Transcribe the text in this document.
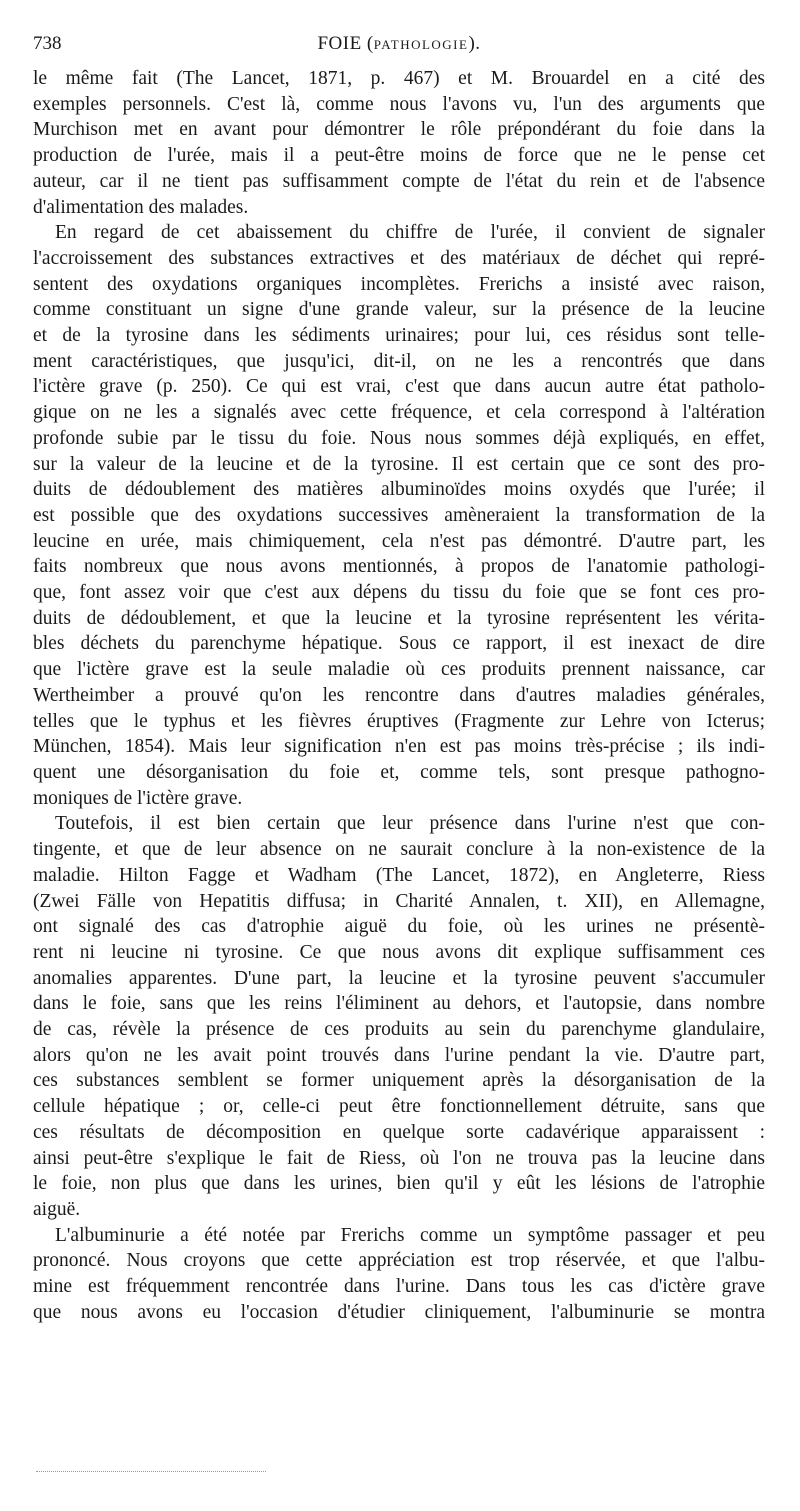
738	FOIE (PATHOLOGIE).
le même fait (The Lancet, 1871, p. 467) et M. Brouardel en a cité des
exemples personnels. C'est là, comme nous l'avons vu, l'un des arguments que
Murchison met en avant pour démontrer le rôle prépondérant du foie dans la
production de l'urée, mais il a peut-être moins de force que ne le pense cet
auteur, car il ne tient pas suffisamment compte de l'état du rein et de l'absence
d'alimentation des malades.
En regard de cet abaissement du chiffre de l'urée, il convient de signaler
l'accroissement des substances extractives et des matériaux de déchet qui repré-
sentent des oxydations organiques incomplètes. Frerichs a insisté avec raison,
comme constituant un signe d'une grande valeur, sur la présence de la leucine
et de la tyrosine dans les sédiments urinaires; pour lui, ces résidus sont telle-
ment caractéristiques, que jusqu'ici, dit-il, on ne les a rencontrés que dans
l'ictère grave (p. 250). Ce qui est vrai, c'est que dans aucun autre état patholo-
gique on ne les a signalés avec cette fréquence, et cela correspond à l'altération
profonde subie par le tissu du foie. Nous nous sommes déjà expliqués, en effet,
sur la valeur de la leucine et de la tyrosine. Il est certain que ce sont des pro-
duits de dédoublement des matières albuminoïdes moins oxydés que l'urée; il
est possible que des oxydations successives amèneraient la transformation de la
leucine en urée, mais chimiquement, cela n'est pas démontré. D'autre part, les
faits nombreux que nous avons mentionnés, à propos de l'anatomie pathologi-
que, font assez voir que c'est aux dépens du tissu du foie que se font ces pro-
duits de dédoublement, et que la leucine et la tyrosine représentent les vérita-
bles déchets du parenchyme hépatique. Sous ce rapport, il est inexact de dire
que l'ictère grave est la seule maladie où ces produits prennent naissance, car
Wertheimber a prouvé qu'on les rencontre dans d'autres maladies générales,
telles que le typhus et les fièvres éruptives (Fragmente zur Lehre von Icterus;
München, 1854). Mais leur signification n'en est pas moins très-précise ; ils indi-
quent une désorganisation du foie et, comme tels, sont presque pathogno-
moniques de l'ictère grave.
Toutefois, il est bien certain que leur présence dans l'urine n'est que con-
tingente, et que de leur absence on ne saurait conclure à la non-existence de la
maladie. Hilton Fagge et Wadham (The Lancet, 1872), en Angleterre, Riess
(Zwei Fälle von Hepatitis diffusa; in Charité Annalen, t. XII), en Allemagne,
ont signalé des cas d'atrophie aiguë du foie, où les urines ne présentè-
rent ni leucine ni tyrosine. Ce que nous avons dit explique suffisamment ces
anomalies apparentes. D'une part, la leucine et la tyrosine peuvent s'accumuler
dans le foie, sans que les reins l'éliminent au dehors, et l'autopsie, dans nombre
de cas, révèle la présence de ces produits au sein du parenchyme glandulaire,
alors qu'on ne les avait point trouvés dans l'urine pendant la vie. D'autre part,
ces substances semblent se former uniquement après la désorganisation de la
cellule hépatique ; or, celle-ci peut être fonctionnellement détruite, sans que
ces résultats de décomposition en quelque sorte cadavérique apparaissent :
ainsi peut-être s'explique le fait de Riess, où l'on ne trouva pas la leucine dans
le foie, non plus que dans les urines, bien qu'il y eût les lésions de l'atrophie
aiguë.
L'albuminurie a été notée par Frerichs comme un symptôme passager et peu
prononcé. Nous croyons que cette appréciation est trop réservée, et que l'albu-
mine est fréquemment rencontrée dans l'urine. Dans tous les cas d'ictère grave
que nous avons eu l'occasion d'étudier cliniquement, l'albuminurie se montra
